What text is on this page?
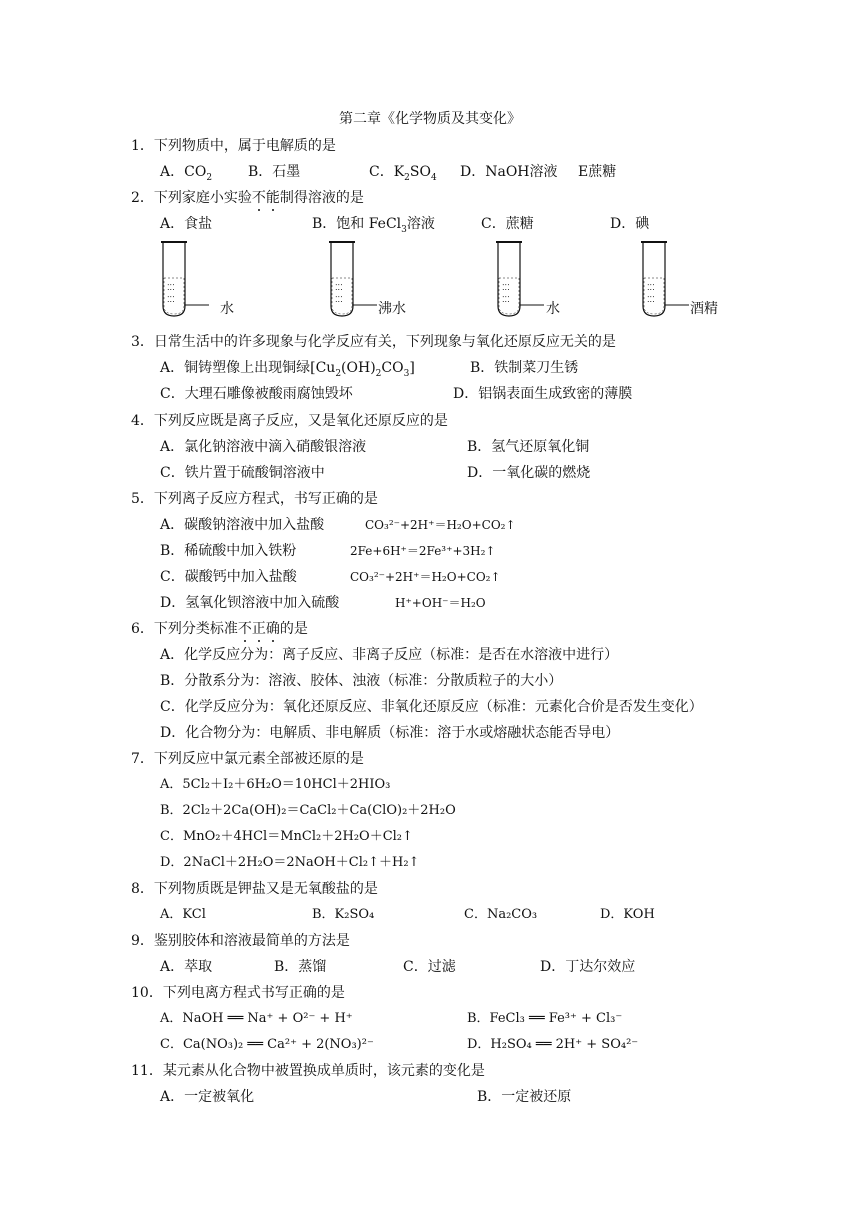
第二章《化学物质及其变化》
1．下列物质中，属于电解质的是
A．$CO_2$	B．石墨	C．$K_2SO_4$ D．NaOH溶液 E蔗糖
2．下列家庭小实验不能制得溶液的是
A．食盐	B．饱和 FeCl$_3$溶液	C．蔗糖	D．碘
⁚⁚⁚
⁚⁚⁚
水
⁚⁚⁚
⁚⁚⁚
沸水
⁚⁚⁚
⁚⁚⁚
水
⁚⁚⁚
⁚⁚⁚
酒精
3．日常生活中的许多现象与化学反应有关，下列现象与氧化还原反应无关的是
A．铜铸塑像上出现铜绿$[Cu_2(OH)_2CO_3]$	B．铁制菜刀生锈
C．大理石雕像被酸雨腐蚀毁坏	D．铝锅表面生成致密的薄膜
4．下列反应既是离子反应，又是氧化还原反应的是
A．氯化钠溶液中滴入硝酸银溶液	B．氢气还原氧化铜
C．铁片置于硫酸铜溶液中	D．一氧化碳的燃烧
5．下列离子反应方程式，书写正确的是
A．碳酸钠溶液中加入盐酸	CO₃²⁻+2H⁺＝H₂O+CO₂↑
B．稀硫酸中加入铁粉	2Fe+6H⁺＝2Fe³⁺+3H₂↑
C．碳酸钙中加入盐酸	CO₃²⁻+2H⁺＝H₂O+CO₂↑
D．氢氧化钡溶液中加入硫酸	H⁺+OH⁻＝H₂O
6．下列分类标准不正确的是
A．化学反应分为：离子反应、非离子反应（标准：是否在水溶液中进行）
B．分散系分为：溶液、胶体、浊液（标准：分散质粒子的大小）
C．化学反应分为：氧化还原反应、非氧化还原反应（标准：元素化合价是否发生变化）
D．化合物分为：电解质、非电解质（标准：溶于水或熔融状态能否导电）
7．下列反应中氯元素全部被还原的是
A．5Cl₂＋I₂＋6H₂O＝10HCl＋2HIO₃
B．2Cl₂＋2Ca(OH)₂＝CaCl₂＋Ca(ClO)₂＋2H₂O
C．MnO₂＋4HCl＝MnCl₂＋2H₂O＋Cl₂↑
D．2NaCl＋2H₂O＝2NaOH＋Cl₂↑＋H₂↑
8．下列物质既是钾盐又是无氧酸盐的是
A．KCl	B．K₂SO₄	C．Na₂CO₃	D．KOH
9．鉴别胶体和溶液最简单的方法是
A．萃取	B．蒸馏	C．过滤	D．丁达尔效应
10．下列电离方程式书写正确的是
A．NaOH ══ Na⁺ + O²⁻ + H⁺	B．FeCl₃ ══ Fe³⁺ + Cl₃⁻
C．Ca(NO₃)₂ ══ Ca²⁺ + 2(NO₃)²⁻	D．H₂SO₄ ══ 2H⁺ + SO₄²⁻
11．某元素从化合物中被置换成单质时，该元素的变化是
A．一定被氧化	B．一定被还原
